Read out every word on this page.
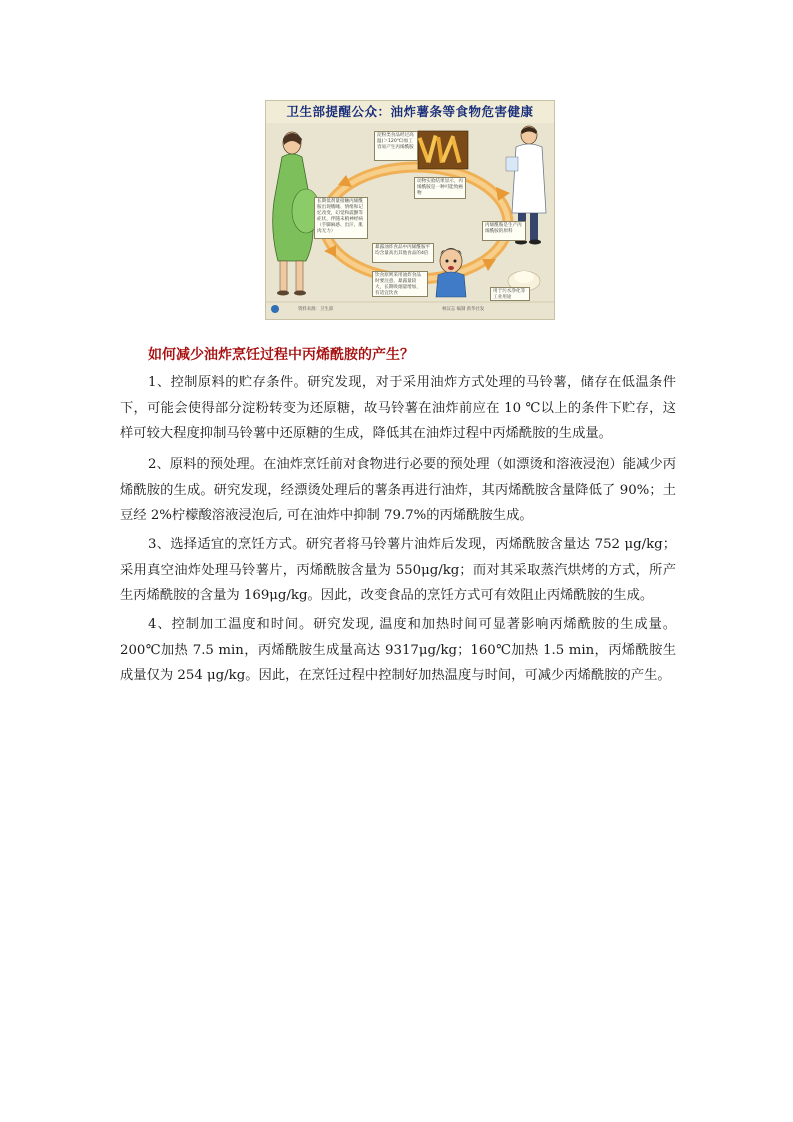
卫生部提醒公众：油炸薯条等食物危害健康
淀粉类食品经过高温(＞120℃)加工容易产生丙烯酰胺
动物实验结果显示，丙烯酰胺是一种可能致癌物
长期低剂量接触丙烯酰胺出现嗜睡、情绪和记忆改变，幻觉和震颤等症状，伴随末梢神经病（手脚麻感、出汗、肌肉无力）
丙烯酰胺是生产丙烯酰胺的原料
暴露油炸食品中丙烯酰胺平均含量高出其他食品的4倍
饮食原则采用油炸食品时要注意，暴露量较大，长期吸烟量增加，有适宜饮食	用于污水净化等工业用途
资料来源：卫生部	林汉志 编制 新华社发
如何减少油炸烹饪过程中丙烯酰胺的产生？

1、控制原料的贮存条件。研究发现，对于采用油炸方式处理的马铃薯，储存在低温条件下，可能会使得部分淀粉转变为还原糖，故马铃薯在油炸前应在 10 ℃以上的条件下贮存，这样可较大程度抑制马铃薯中还原糖的生成，降低其在油炸过程中丙烯酰胺的生成量。

2、原料的预处理。在油炸烹饪前对食物进行必要的预处理（如漂烫和溶液浸泡）能减少丙烯酰胺的生成。研究发现，经漂烫处理后的薯条再进行油炸，其丙烯酰胺含量降低了 90%；土豆经 2%柠檬酸溶液浸泡后, 可在油炸中抑制 79.7%的丙烯酰胺生成。

3、选择适宜的烹饪方式。研究者将马铃薯片油炸后发现，丙烯酰胺含量达 752 μg/kg；采用真空油炸处理马铃薯片，丙烯酰胺含量为 550μg/kg；而对其采取蒸汽烘烤的方式，所产生丙烯酰胺的含量为 169μg/kg。因此，改变食品的烹饪方式可有效阻止丙烯酰胺的生成。

4、控制加工温度和时间。研究发现, 温度和加热时间可显著影响丙烯酰胺的生成量。200℃加热 7.5 min，丙烯酰胺生成量高达 9317μg/kg；160℃加热 1.5 min，丙烯酰胺生成量仅为 254 μg/kg。因此，在烹饪过程中控制好加热温度与时间，可减少丙烯酰胺的产生。
